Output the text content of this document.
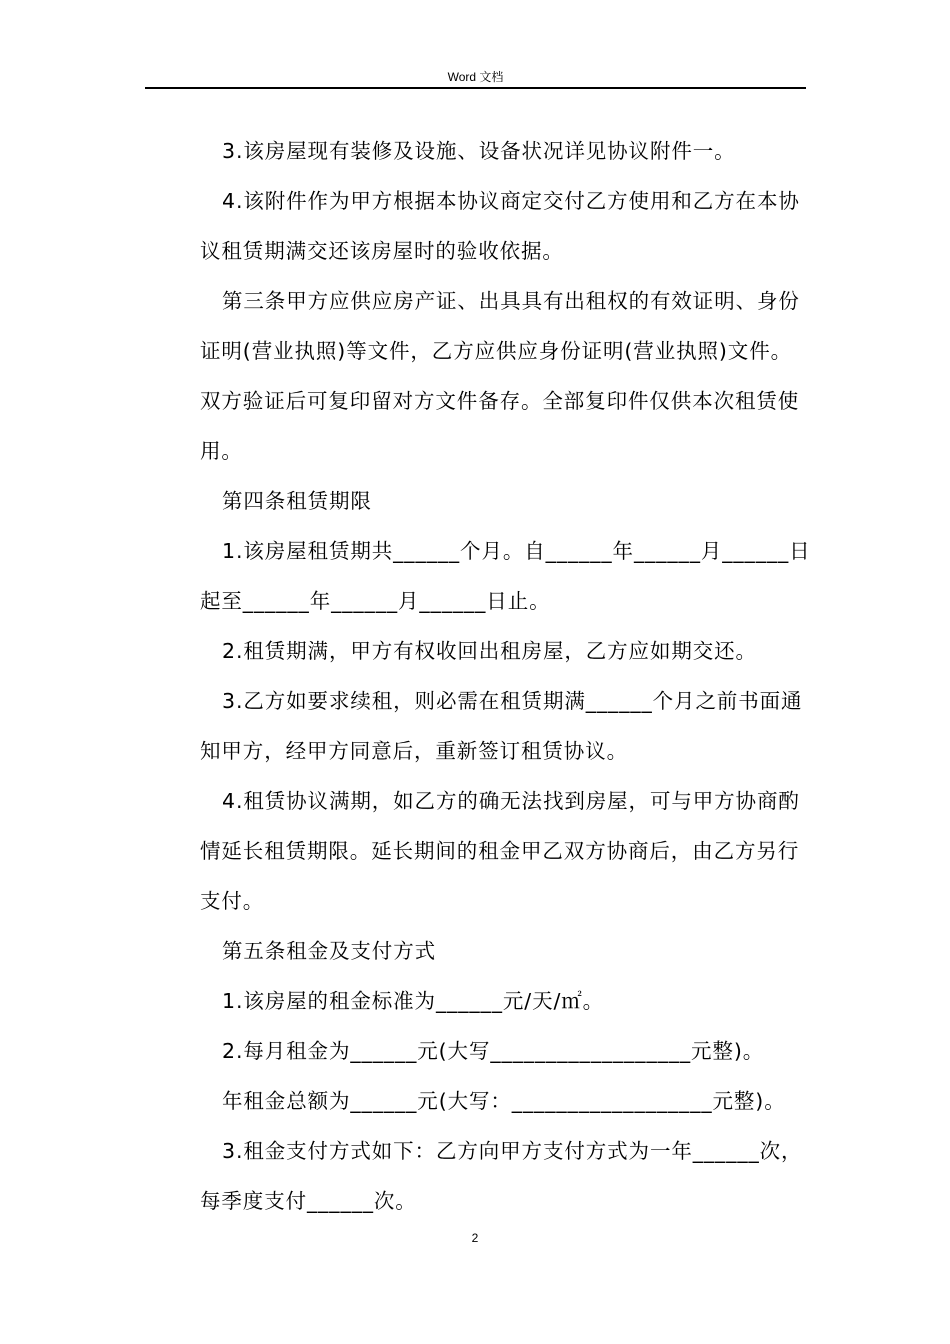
Word 文档

3.该房屋现有装修及设施、设备状况详见协议附件一。

4.该附件作为甲方根据本协议商定交付乙方使用和乙方在本协
议租赁期满交还该房屋时的验收依据。

第三条甲方应供应房产证、出具具有出租权的有效证明、身份
证明(营业执照)等文件，乙方应供应身份证明(营业执照)文件。
双方验证后可复印留对方文件备存。全部复印件仅供本次租赁使
用。

第四条租赁期限

1.该房屋租赁期共______个月。自______年______月______日
起至______年______月______日止。

2.租赁期满，甲方有权收回出租房屋，乙方应如期交还。

3.乙方如要求续租，则必需在租赁期满______个月之前书面通
知甲方，经甲方同意后，重新签订租赁协议。

4.租赁协议满期，如乙方的确无法找到房屋，可与甲方协商酌
情延长租赁期限。延长期间的租金甲乙双方协商后，由乙方另行
支付。

第五条租金及支付方式

1.该房屋的租金标准为______元/天/㎡。

2.每月租金为______元(大写__________________元整)。

年租金总额为______元(大写：__________________元整)。

3.租金支付方式如下：乙方向甲方支付方式为一年______次，
每季度支付______次。

2
